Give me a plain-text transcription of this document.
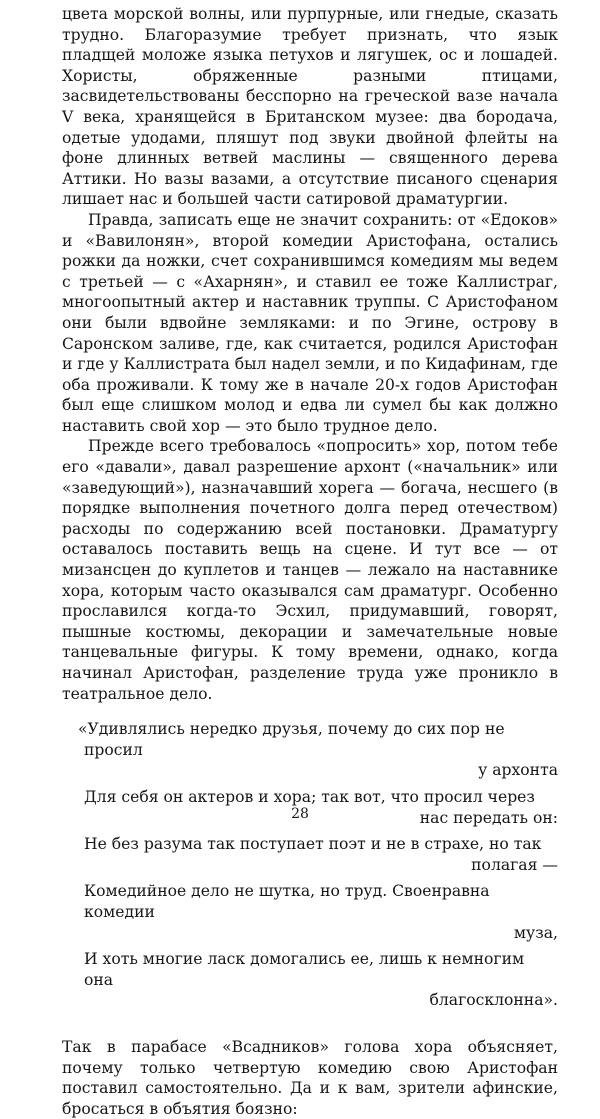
цвета морской волны, или пурпурные, или гнедые, сказать трудно. Благоразумие требует признать, что язык пладщей моложе языка петухов и лягушек, ос и лошадей. Хористы, обряженные разными птицами, засвидетельствованы бесспорно на греческой вазе начала V века, хранящейся в Британском музее: два бородача, одетые удодами, пляшут под звуки двойной флейты на фоне длинных ветвей маслины — священного дерева Аттики. Но вазы вазами, а отсутствие писаного сценария лишает нас и большей части сатировой драматургии.

Правда, записать еще не значит сохранить: от «Едоков» и «Вавилонян», второй комедии Аристофана, остались рожки да ножки, счет сохранившимся комедиям мы ведем с третьей — с «Ахарнян», и ставил ее тоже Каллистраг, многоопытный актер и наставник труппы. С Аристофаном они были вдвойне земляками: и по Эгине, острову в Саронском заливе, где, как считается, родился Аристофан и где у Каллистрата был надел земли, и по Кидафинам, где оба проживали. К тому же в начале 20-х годов Аристофан был еще слишком молод и едва ли сумел бы как должно наставить свой хор — это было трудное дело.

Прежде всего требовалось «попросить» хор, потом тебе его «давали», давал разрешение архонт («начальник» или «заведующий»), назначавший хорега — богача, несшего (в порядке выполнения почетного долга перед отечеством) расходы по содержанию всей постановки. Драматургу оставалось поставить вещь на сцене. И тут все — от мизансцен до куплетов и танцев — лежало на наставнике хора, которым часто оказывался сам драматург. Особенно прославился когда-то Эсхил, придумавший, говорят, пышные костюмы, декорации и замечательные новые танцевальные фигуры. К тому времени, однако, когда начинал Аристофан, разделение труда уже проникло в театральное дело.

«Удивлялись нередко друзья, почему до сих пор не просил
у архонта
Для себя он актеров и хора; так вот, что просил через
нас передать он:
Не без разума так поступает поэт и не в страхе, но так
полагая —
Комедийное дело не шутка, но труд. Своенравна комедии
муза,
И хоть многие ласк домогались ее, лишь к немногим она
благосклонна».

Так в парабасе «Всадников» голова хора объясняет, почему только четвертую комедию свою Аристофан поставил самостоятельно. Да и к вам, зрители афинские, бросаться в объятия боязно:

28
